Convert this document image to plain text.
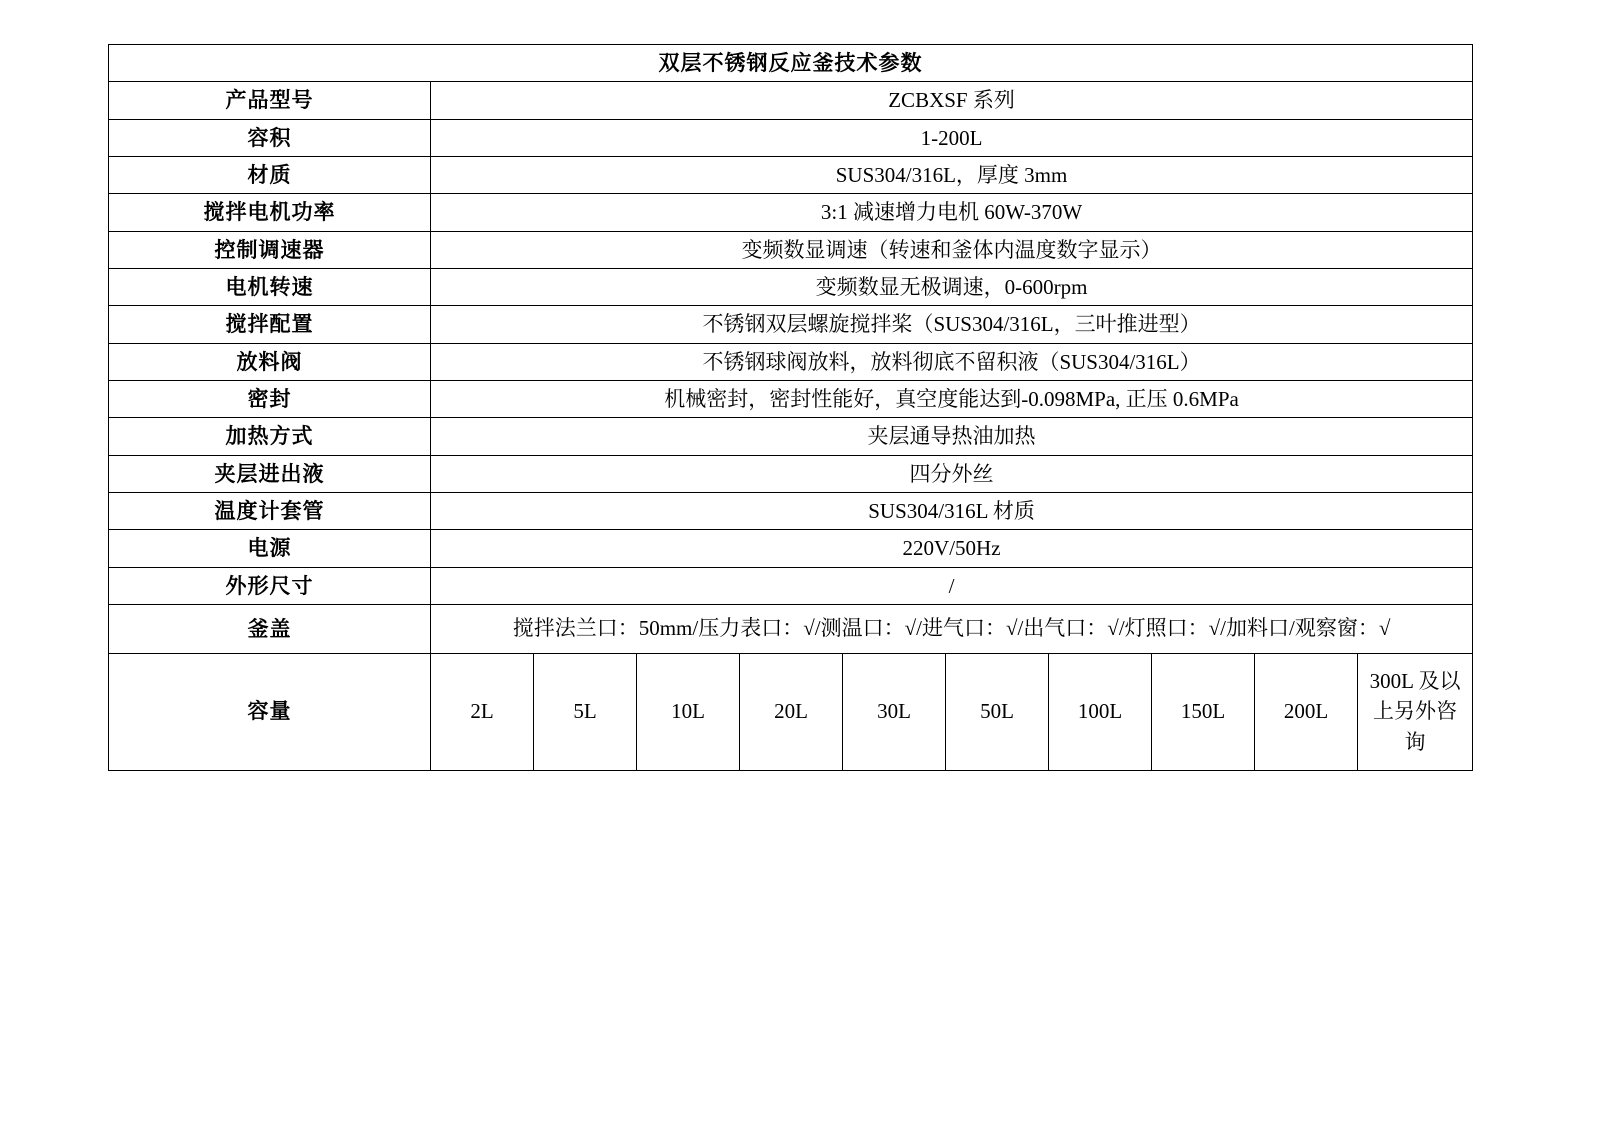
双层不锈钢反应釜技术参数										
产品型号	ZCBXSF 系列									
容积	1-200L									
材质	SUS304/316L，厚度 3mm									
搅拌电机功率	3:1 减速增力电机 60W-370W									
控制调速器	变频数显调速（转速和釜体内温度数字显示）									
电机转速	变频数显无极调速，0-600rpm									
搅拌配置	不锈钢双层螺旋搅拌桨（SUS304/316L，三叶推进型）									
放料阀	不锈钢球阀放料，放料彻底不留积液（SUS304/316L）									
密封	机械密封，密封性能好，真空度能达到-0.098MPa, 正压 0.6MPa									
加热方式	夹层通导热油加热									
夹层进出液	四分外丝									
温度计套管	SUS304/316L 材质									
电源	220V/50Hz									
外形尺寸	/									
釜盖	搅拌法兰口：50mm/压力表口：√/测温口：√/进气口：√/出气口：√/灯照口：√/加料口/观察窗：√									
容量	2L	5L	10L	20L	30L	50L	100L	150L	200L	300L 及以上另外咨询
